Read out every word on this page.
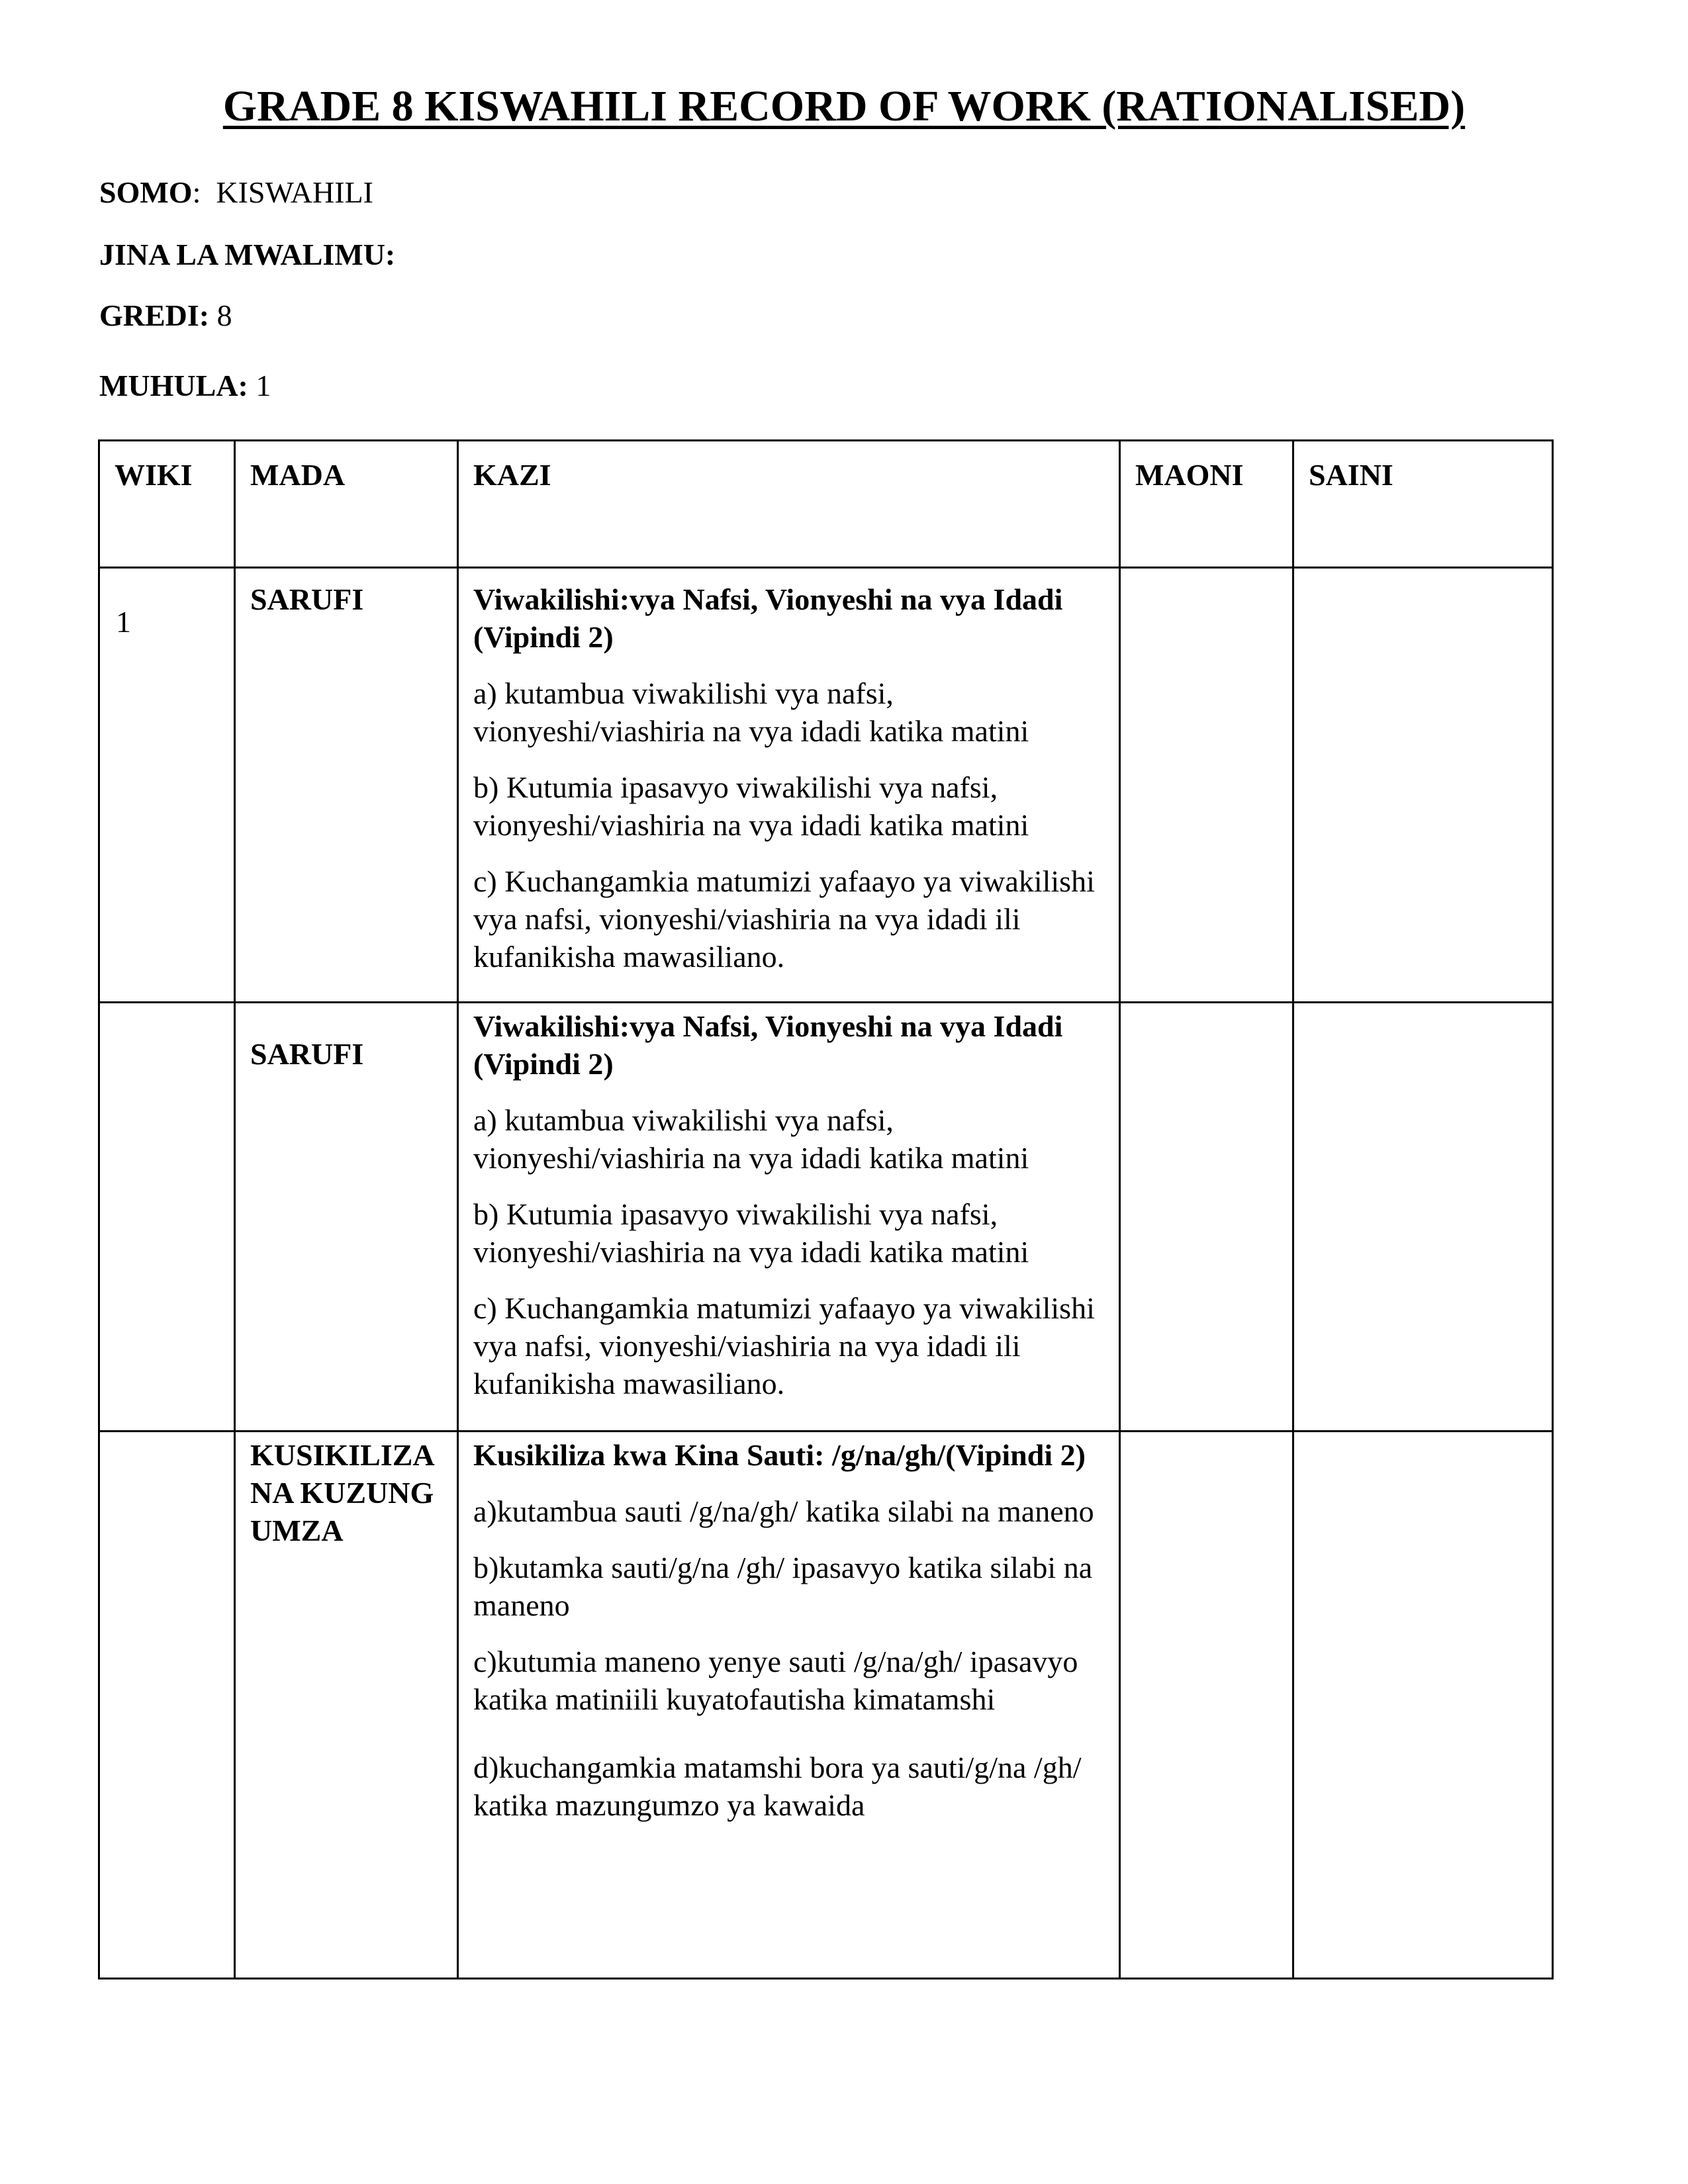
GRADE 8 KISWAHILI RECORD OF WORK (RATIONALISED)
SOMO:  KISWAHILI
JINA LA MWALIMU:
GREDI: 8
MUHULA: 1
WIKI	MADA	KAZI	MAONI	SAINI

1	SARUFI	Viwakilishi:vya Nafsi, Vionyeshi na vya Idadi (Vipindi 2)
a) kutambua viwakilishi vya nafsi, vionyeshi/viashiria na vya idadi katika matini
b) Kutumia ipasavyo viwakilishi vya nafsi, vionyeshi/viashiria na vya idadi katika matini
c) Kuchangamkia matumizi yafaayo ya viwakilishi vya nafsi, vionyeshi/viashiria na vya idadi ili kufanikisha mawasiliano.		

	SARUFI	Viwakilishi:vya Nafsi, Vionyeshi na vya Idadi (Vipindi 2)
a) kutambua viwakilishi vya nafsi, vionyeshi/viashiria na vya idadi katika matini
b) Kutumia ipasavyo viwakilishi vya nafsi, vionyeshi/viashiria na vya idadi katika matini
c) Kuchangamkia matumizi yafaayo ya viwakilishi vya nafsi, vionyeshi/viashiria na vya idadi ili kufanikisha mawasiliano.		

	KUSIKILIZA NA KUZUNGUMZA	Kusikiliza kwa Kina Sauti: /g/na/gh/(Vipindi 2)
a)kutambua sauti /g/na/gh/ katika silabi na maneno
b)kutamka sauti/g/na /gh/ ipasavyo katika silabi na maneno
c)kutumia maneno yenye sauti /g/na/gh/ ipasavyo katika matiniili kuyatofautisha kimatamshi
d)kuchangamkia matamshi bora ya sauti/g/na /gh/ katika mazungumzo ya kawaida		
